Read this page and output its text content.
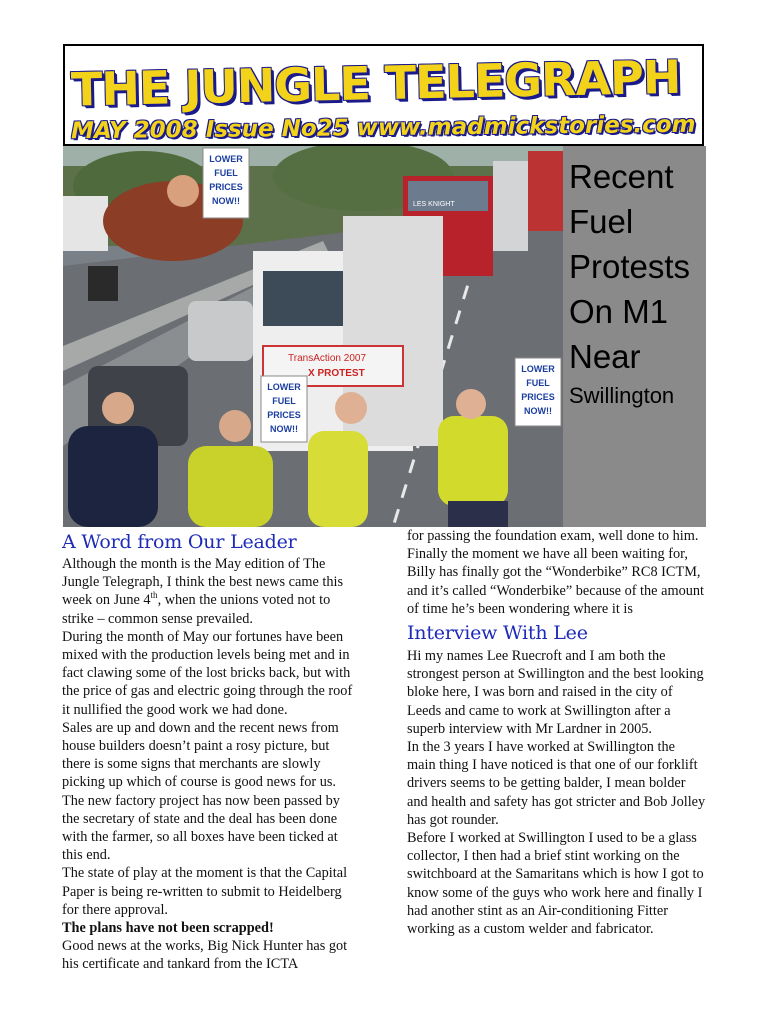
THE JUNGLE TELEGRAPH
MAY 2008 Issue No25 www.madmickstories.com
LES KNIGHT
TransAction 2007
X PROTEST
LOWER
FUEL
PRICES
NOW!!
LOWER
FUEL
PRICES
NOW!!
LOWER
FUEL
PRICES
NOW!!
Recent
Fuel
Protests
On M1
Near
Swillington
A Word from Our Leader

Although the month is the May edition of The Jungle Telegraph, I think the best news came this week on June 4th, when the unions voted not to strike – common sense prevailed.

During the month of May our fortunes have been mixed with the production levels being met and in fact clawing some of the lost bricks back, but with the price of gas and electric going through the roof it nullified the good work we had done.

Sales are up and down and the recent news from house builders doesn’t paint a rosy picture, but there is some signs that merchants are slowly picking up which of course is good news for us.

The new factory project has now been passed by the secretary of state and the deal has been done with the farmer, so all boxes have been ticked at this end.

The state of play at the moment is that the Capital Paper is being re-written to submit to Heidelberg for there approval.

The plans have not been scrapped!

Good news at the works, Big Nick Hunter has got his certificate and tankard from the ICTA

for passing the foundation exam, well done to him.

Finally the moment we have all been waiting for, Billy has finally got the “Wonderbike” RC8 ICTM, and it’s called “Wonderbike” because of the amount of time he’s been wondering where it is

Interview With Lee

Hi my names Lee Ruecroft and I am both the strongest person at Swillington and the best looking bloke here, I was born and raised in the city of Leeds and came to work at Swillington after a superb interview with Mr Lardner in 2005.

In the 3 years I have worked at Swillington the main thing I have noticed is that one of our forklift drivers seems to be getting balder, I mean bolder and health and safety has got stricter and Bob Jolley has got rounder.

Before I worked at Swillington I used to be a glass collector, I then had a brief stint working on the switchboard at the Samaritans which is how I got to know some of the guys who work here and finally I had another stint as an Air-conditioning Fitter working as a custom welder and fabricator.
